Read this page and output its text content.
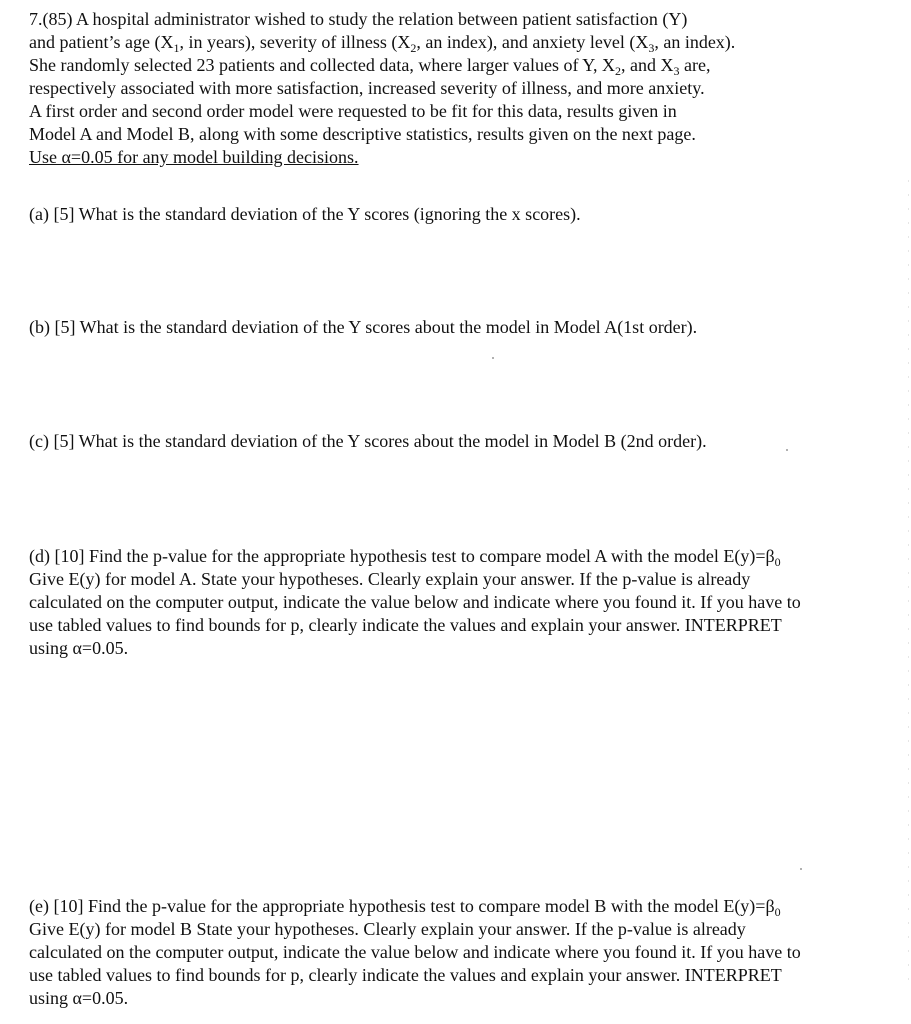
7.(85) A hospital administrator wished to study the relation between patient satisfaction (Y)
and patient’s age ($X_1$, in years), severity of illness ($X_2$, an index), and anxiety level ($X_3$, an index).
She randomly selected 23 patients and collected data, where larger values of Y, $X_2$, and $X_3$ are,
respectively associated with more satisfaction, increased severity of illness, and more anxiety.
A first order and second order model were requested to be fit for this data, results given in
Model A and Model B, along with some descriptive statistics, results given on the next page.
Use α=0.05 for any model building decisions.
(a) [5] What is the standard deviation of the Y scores (ignoring the x scores).
(b) [5] What is the standard deviation of the Y scores about the model in Model A(1st order).
(c) [5] What is the standard deviation of the Y scores about the model in Model B (2nd order).
(d) [10] Find the p-value for the appropriate hypothesis test to compare model A with the model $E(y)=\beta_0$
Give E(y) for model A. State your hypotheses. Clearly explain your answer. If the p-value is already
calculated on the computer output, indicate the value below and indicate where you found it. If you have to
use tabled values to find bounds for p, clearly indicate the values and explain your answer. INTERPRET
using α=0.05.
(e) [10] Find the p-value for the appropriate hypothesis test to compare model B with the model $E(y)=\beta_0$
Give E(y) for model B State your hypotheses. Clearly explain your answer. If the p-value is already
calculated on the computer output, indicate the value below and indicate where you found it. If you have to
use tabled values to find bounds for p, clearly indicate the values and explain your answer. INTERPRET
using α=0.05.
